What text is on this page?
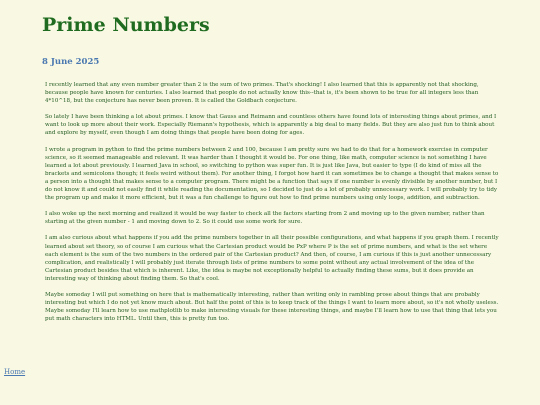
Prime Numbers
8 June 2025

I recently learned that any even number greater than 2 is the sum of two primes. That's shocking! I also learned that this is apparently not that shocking, because people have known for centuries. I also learned that people do not actually know this--that is, it's been shown to be true for all integers less than 4*10^18, but the conjecture has never been proven. It is called the Goldbach conjecture.

So lately I have been thinking a lot about primes. I know that Gauss and Reimann and countless others have found lots of interesting things about primes, and I want to look up more about their work. Especially Riemann's hypothesis, which is apparently a big deal to many fields. But they are also just fun to think about and explore by myself, even though I am doing things that people have been doing for ages.

I wrote a program in python to find the prime numbers between 2 and 100, because I am pretty sure we had to do that for a homework exercise in computer science, so it seemed manageable and relevant. It was harder than I thought it would be. For one thing, like math, computer science is not something I have learned a lot about previously. I learned Java in school, so switching to python was super fun. It is just like Java, but easier to type (I do kind of miss all the brackets and semicolons though; it feels weird without them). For another thing, I forgot how hard it can sometimes be to change a thought that makes sense to a person into a thought that makes sense to a computer program. There might be a function that says if one number is evenly divisible by another number, but I do not know it and could not easily find it while reading the documentation, so I decided to just do a lot of probably unnecessary work. I will probably try to tidy the program up and make it more efficient, but it was a fun challenge to figure out how to find prime numbers using only loops, addition, and subtraction.

I also woke up the next morning and realized it would be way faster to check all the factors starting from 2 and moving up to the given number, rather than starting at the given number - 1 and moving down to 2. So it could use some work for sure.

I am also curious about what happens if you add the prime numbers together in all their possible configurations, and what happens if you graph them. I recently learned about set theory, so of course I am curious what the Cartesian product would be PxP where P is the set of prime numbers, and what is the set where each element is the sum of the two numbers in the ordered pair of the Cartesian product? And then, of course, I am curious if this is just another unnecessary complication, and realistically I will probably just iterate through lists of prime numbers to some point without any actual involvement of the idea of the Cartesian product besides that which is inherent. Like, the idea is maybe not exceptionally helpful to actually finding these sums, but it does provide an interesting way of thinking about finding them. So that's cool.

Maybe someday I will put something on here that is mathematically interesting, rather than writing only in rambling prose about things that are probably interesting but which I do not yet know much about. But half the point of this is to keep track of the things I want to learn more about, so it's not wholly useless. Maybe someday I'll learn how to use mathplotlib to make interesting visuals for these interesting things, and maybe I'll learn how to use that thing that lets you put math characters into HTML. Until then, this is pretty fun too.

Home
